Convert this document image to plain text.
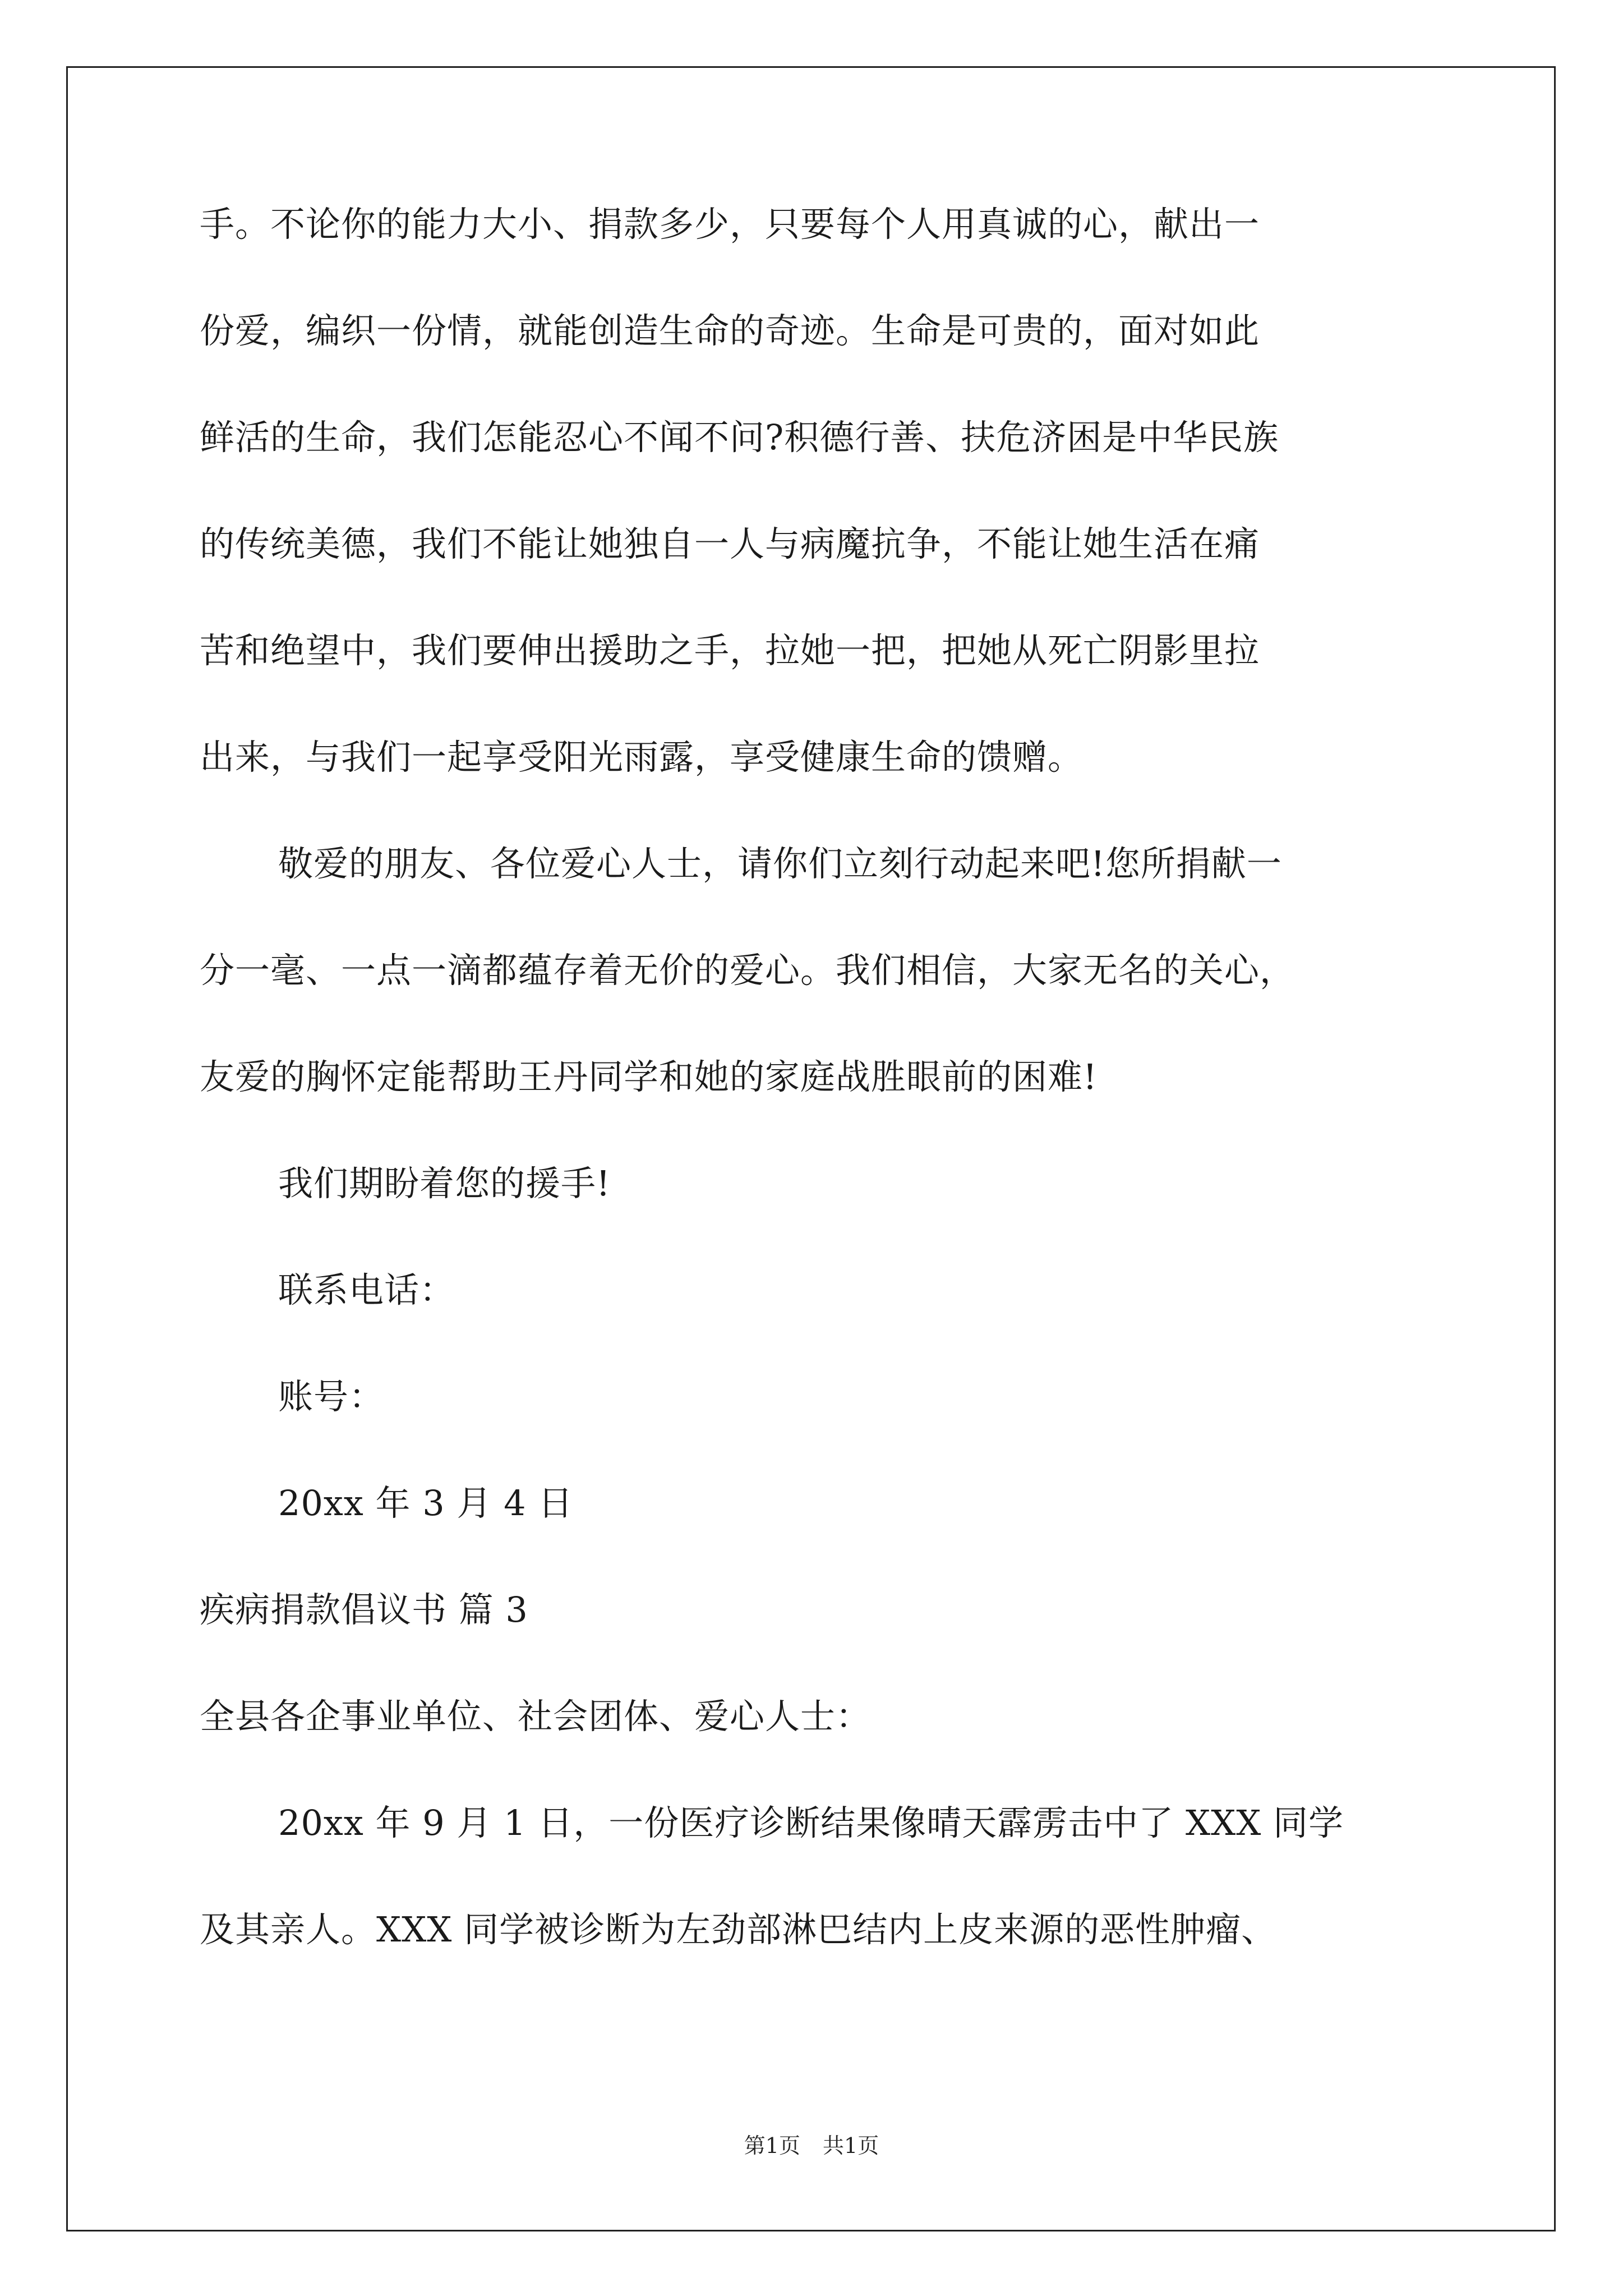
手。不论你的能力大小、捐款多少，只要每个人用真诚的心，献出一
份爱，编织一份情，就能创造生命的奇迹。生命是可贵的，面对如此
鲜活的生命，我们怎能忍心不闻不问?积德行善、扶危济困是中华民族
的传统美德，我们不能让她独自一人与病魔抗争，不能让她生活在痛
苦和绝望中，我们要伸出援助之手，拉她一把，把她从死亡阴影里拉
出来，与我们一起享受阳光雨露，享受健康生命的馈赠。
敬爱的朋友、各位爱心人士，请你们立刻行动起来吧!您所捐献一
分一毫、一点一滴都蕴存着无价的爱心。我们相信，大家无名的关心，
友爱的胸怀定能帮助王丹同学和她的家庭战胜眼前的困难!
我们期盼着您的援手!
联系电话：
账号：
20xx 年 3 月 4 日
疾病捐款倡议书 篇 3
全县各企事业单位、社会团体、爱心人士：
20xx 年 9 月 1 日，一份医疗诊断结果像晴天霹雳击中了 XXX 同学
及其亲人。XXX 同学被诊断为左劲部淋巴结内上皮来源的恶性肿瘤、
第1页 共1页
